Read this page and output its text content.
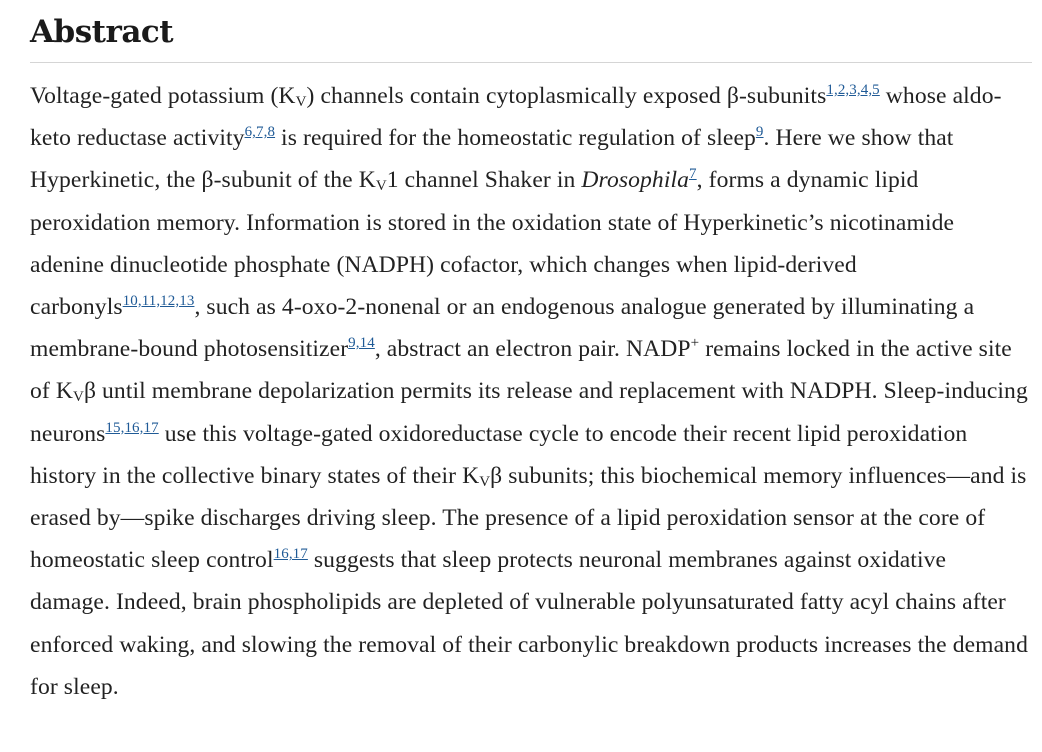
Abstract

Voltage-gated potassium $(K_V)$ channels contain cytoplasmically exposed β-subunits$^{1,2,3,4,5}$ whose aldo-keto reductase activity$^{6,7,8}$ is required for the homeostatic regulation of sleep$^9$. Here we show that Hyperkinetic, the β-subunit of the $K_V1$ channel Shaker in Drosophila$^7$, forms a dynamic lipid peroxidation memory. Information is stored in the oxidation state of Hyperkinetic’s nicotinamide adenine dinucleotide phosphate (NADPH) cofactor, which changes when lipid-derived carbonyls$^{10,11,12,13}$, such as 4-oxo-2-nonenal or an endogenous analogue generated by illuminating a membrane-bound photosensitizer$^{9,14}$, abstract an electron pair. NADP+ remains locked in the active site of $K_V\beta$ until membrane depolarization permits its release and replacement with NADPH. Sleep-inducing neurons$^{15,16,17}$ use this voltage-gated oxidoreductase cycle to encode their recent lipid peroxidation history in the collective binary states of their $K_V\beta$ subunits; this biochemical memory influences—and is erased by—spike discharges driving sleep. The presence of a lipid peroxidation sensor at the core of homeostatic sleep control$^{16,17}$ suggests that sleep protects neuronal membranes against oxidative damage. Indeed, brain phospholipids are depleted of vulnerable polyunsaturated fatty acyl chains after enforced waking, and slowing the removal of their carbonylic breakdown products increases the demand for sleep.
